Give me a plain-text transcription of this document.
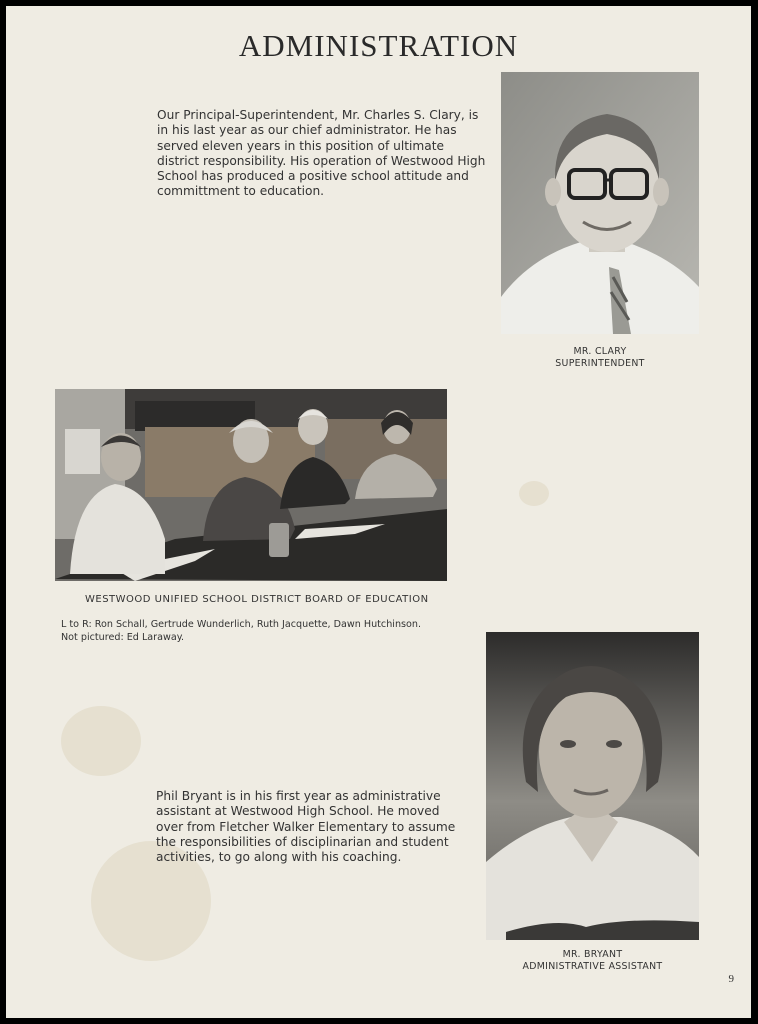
ADMINISTRATION

Our Principal-Superintendent, Mr. Charles S. Clary, is in his last year as our chief administrator. He has served eleven years in this position of ultimate district responsibility. His operation of Westwood High School has produced a positive school attitude and committment to education.

MR. CLARY
SUPERINTENDENT
WESTWOOD UNIFIED SCHOOL DISTRICT BOARD OF EDUCATION
L to R: Ron Schall, Gertrude Wunderlich, Ruth Jacquette, Dawn Hutchinson.
Not pictured: Ed Laraway.

Phil Bryant is in his first year as administrative assistant at Westwood High School. He moved over from Fletcher Walker Elementary to assume the responsibilities of disciplinarian and student activities, to go along with his coaching.

MR. BRYANT
ADMINISTRATIVE ASSISTANT
9
